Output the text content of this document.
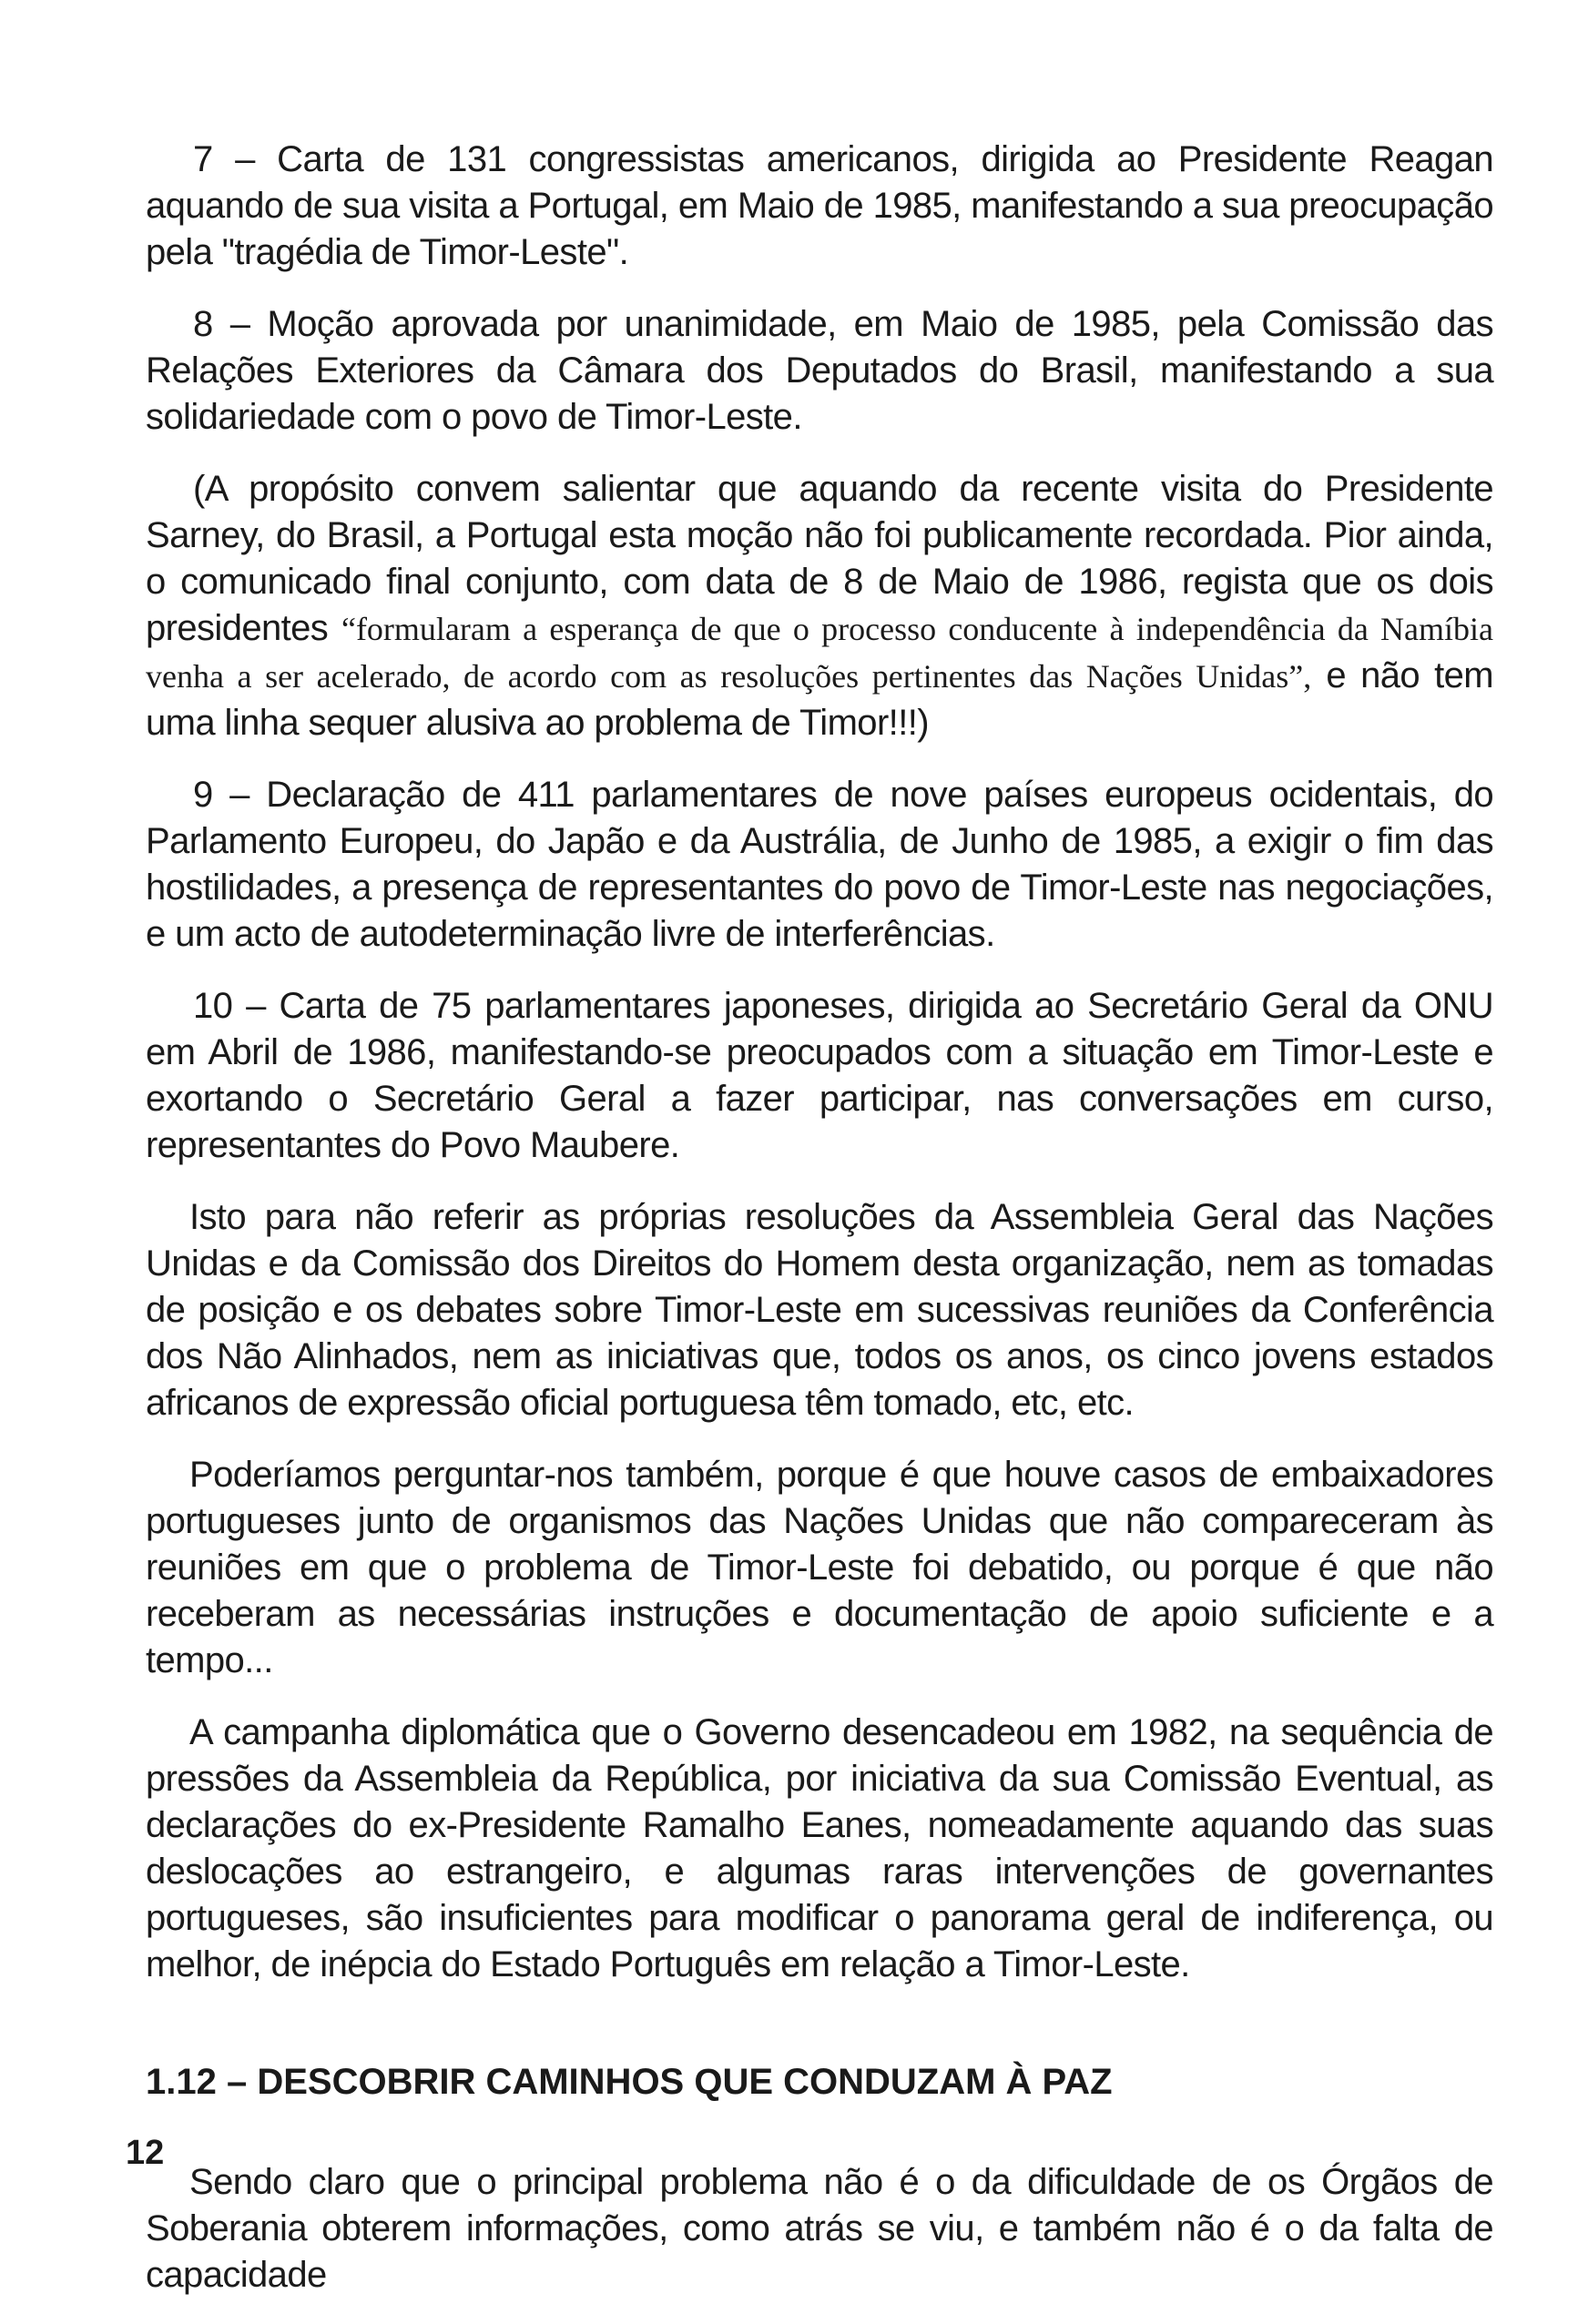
7 – Carta de 131 congressistas americanos, dirigida ao Presidente Reagan aquando de sua visita a Portugal, em Maio de 1985, manifestando a sua preocupação pela "tragédia de Timor-Leste".

8 – Moção aprovada por unanimidade, em Maio de 1985, pela Comissão das Relações Exteriores da Câmara dos Deputados do Brasil, manifestando a sua solidariedade com o povo de Timor-Leste.

(A propósito convem salientar que aquando da recente visita do Presidente Sarney, do Brasil, a Portugal esta moção não foi publicamente recordada. Pior ainda, o comunicado final conjunto, com data de 8 de Maio de 1986, regista que os dois presidentes “formularam a esperança de que o processo conducente à independência da Namíbia venha a ser acelerado, de acordo com as resoluções pertinentes das Nações Unidas”, e não tem uma linha sequer alusiva ao problema de Timor!!!)

9 – Declaração de 411 parlamentares de nove países europeus ocidentais, do Parlamento Europeu, do Japão e da Austrália, de Junho de 1985, a exigir o fim das hostilidades, a presença de representantes do povo de Timor-Leste nas negociações, e um acto de autodeterminação livre de interferências.

10 – Carta de 75 parlamentares japoneses, dirigida ao Secretário Geral da ONU em Abril de 1986, manifestando-se preocupados com a situação em Timor-Leste e exortando o Secretário Geral a fazer participar, nas conversações em curso, representantes do Povo Maubere.

Isto para não referir as próprias resoluções da Assembleia Geral das Nações Unidas e da Comissão dos Direitos do Homem desta organização, nem as tomadas de posição e os debates sobre Timor-Leste em sucessivas reuniões da Conferência dos Não Alinhados, nem as iniciativas que, todos os anos, os cinco jovens estados africanos de expressão oficial portuguesa têm tomado, etc, etc.

Poderíamos perguntar-nos também, porque é que houve casos de embaixadores portugueses junto de organismos das Nações Unidas que não compareceram às reuniões em que o problema de Timor-Leste foi debatido, ou porque é que não receberam as necessárias instruções e documentação de apoio suficiente e a tempo...

A campanha diplomática que o Governo desencadeou em 1982, na sequência de pressões da Assembleia da República, por iniciativa da sua Comissão Eventual, as declarações do ex-Presidente Ramalho Eanes, nomeadamente aquando das suas deslocações ao estrangeiro, e algumas raras intervenções de governantes portugueses, são insuficientes para modificar o panorama geral de indiferença, ou melhor, de inépcia do Estado Português em relação a Timor-Leste.

1.12 – DESCOBRIR CAMINHOS QUE CONDUZAM À PAZ

Sendo claro que o principal problema não é o da dificuldade de os Órgãos de Soberania obterem informações, como atrás se viu, e também não é o da falta de capacidade

12
